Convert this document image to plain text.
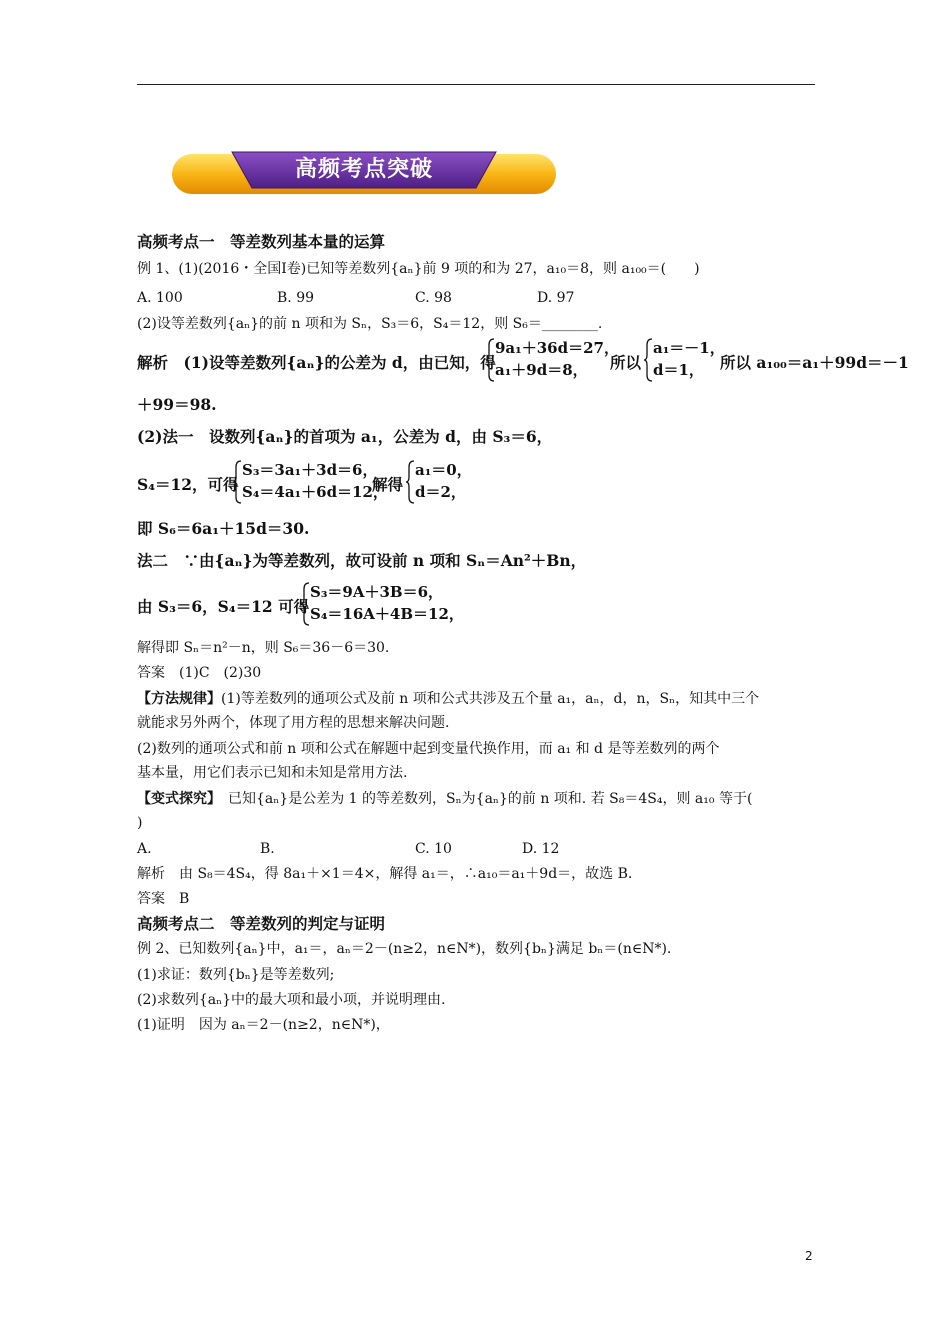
高频考点突破
高频考点一　等差数列基本量的运算
例 1、(1)(2016・全国Ⅰ卷)已知等差数列{aₙ}前 9 项的和为 27，a₁₀＝8，则 a₁₀₀＝(　　)
A. 100	B. 99	C. 98	D. 97
(2)设等差数列{aₙ}的前 n 项和为 Sₙ，S₃＝6，S₄＝12，则 S₆＝________.
解析　(1)设等差数列{aₙ}的公差为 d，由已知，得
9a₁＋36d＝27，
a₁＋9d＝8， 所以
a₁＝－1，
d＝1， 所以 a₁₀₀＝a₁＋99d＝－1
＋99＝98.
(2)法一　设数列{aₙ}的首项为 a₁，公差为 d，由 S₃＝6，
S₄＝12，可得
S₃＝3a₁＋3d＝6，
S₄＝4a₁＋6d＝12，
解得
a₁＝0，
d＝2，
即 S₆＝6a₁＋15d＝30.
法二　∵由{aₙ}为等差数列，故可设前 n 项和 Sₙ＝An²＋Bn，
由 S₃＝6，S₄＝12 可得
S₃＝9A＋3B＝6，
S₄＝16A＋4B＝12，
解得即 Sₙ＝n²－n，则 S₆＝36－6＝30.
答案　(1)C　(2)30
【方法规律】(1)等差数列的通项公式及前 n 项和公式共涉及五个量 a₁，aₙ，d，n，Sₙ，知其中三个
就能求另外两个，体现了用方程的思想来解决问题.
(2)数列的通项公式和前 n 项和公式在解题中起到变量代换作用，而 a₁ 和 d 是等差数列的两个
基本量，用它们表示已知和未知是常用方法.
【变式探究】　已知{aₙ}是公差为 1 的等差数列，Sₙ为{aₙ}的前 n 项和. 若 S₈＝4S₄，则 a₁₀ 等于(
)
A.	B.	C. 10	D. 12
解析　由 S₈＝4S₄，得 8a₁＋×1＝4×，解得 a₁＝，∴a₁₀＝a₁＋9d＝，故选 B.
答案　B
高频考点二　等差数列的判定与证明
例 2、已知数列{aₙ}中，a₁＝，aₙ＝2－(n≥2，n∈N*)，数列{bₙ}满足 bₙ＝(n∈N*).
(1)求证：数列{bₙ}是等差数列;
(2)求数列{aₙ}中的最大项和最小项，并说明理由.
(1)证明　因为 aₙ＝2－(n≥2，n∈N*)，
2
